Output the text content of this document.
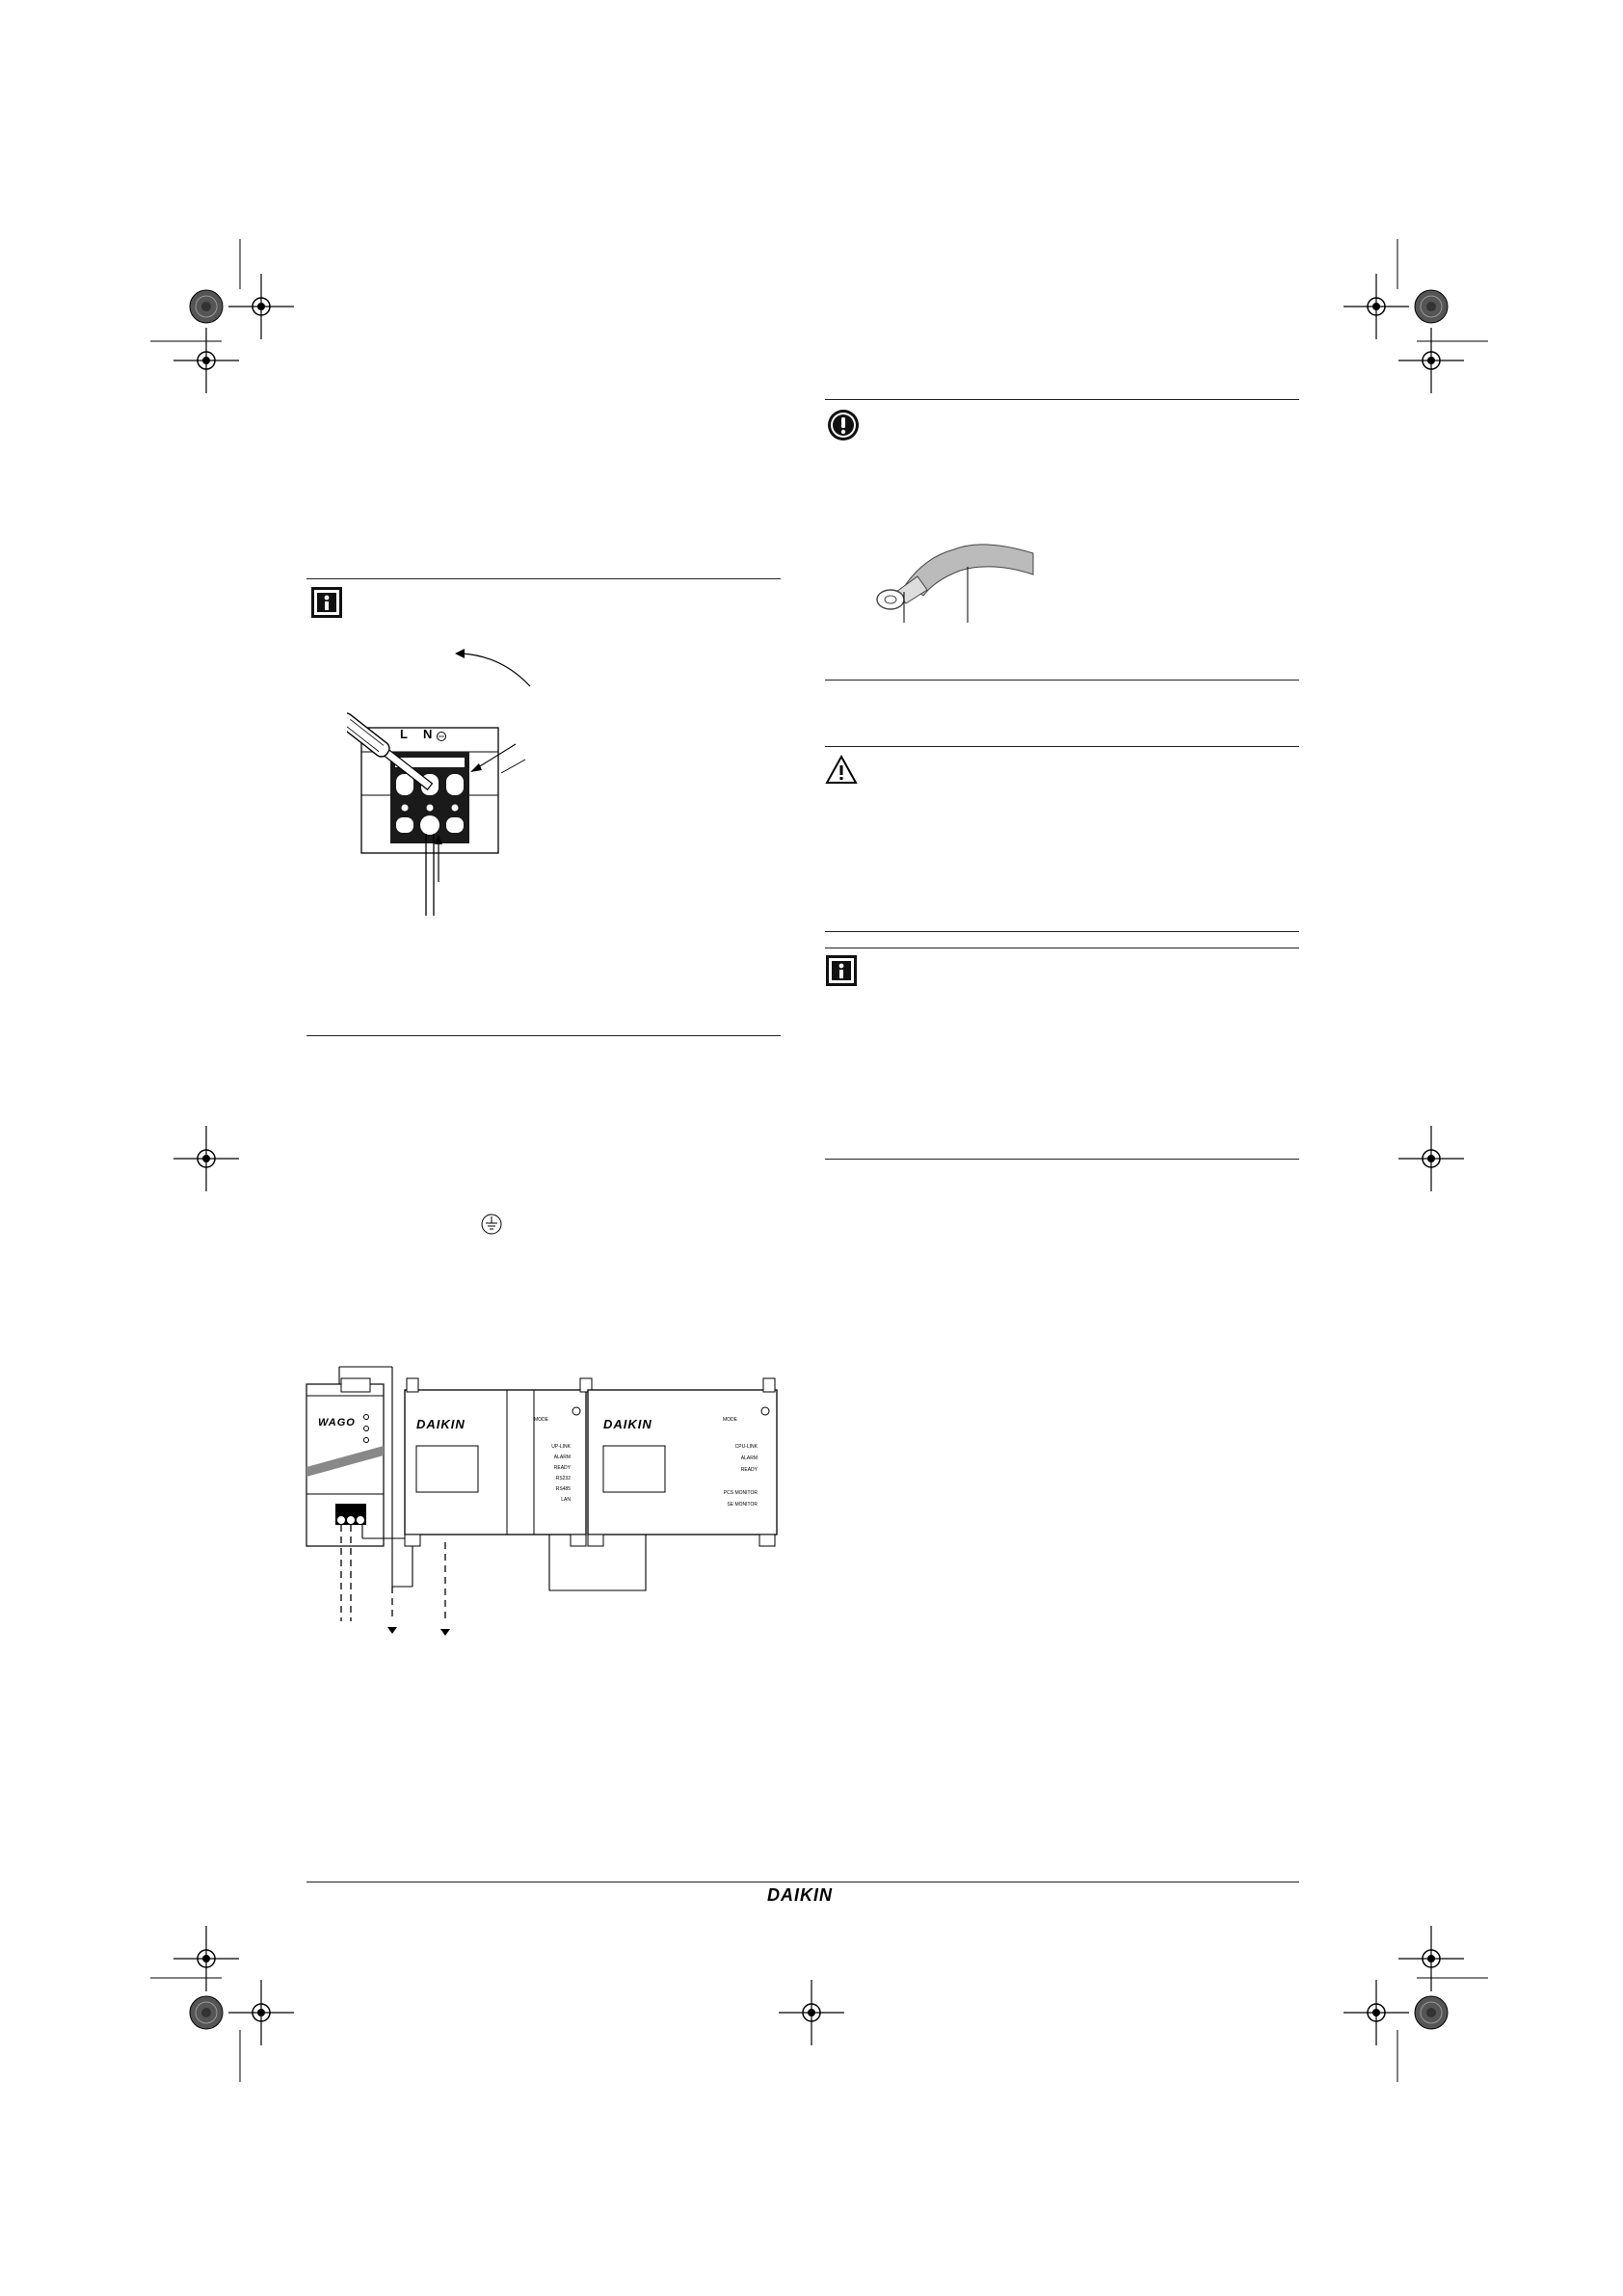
L N
WAGO	DAIKIN	DAIKIN
MODE	MODE
UP-LINK
ALARM
READY
RS232
RS485
LAN
CPU-LINK
ALARM
READY
PCS MONITOR
SE MONITOR
DAIKIN
